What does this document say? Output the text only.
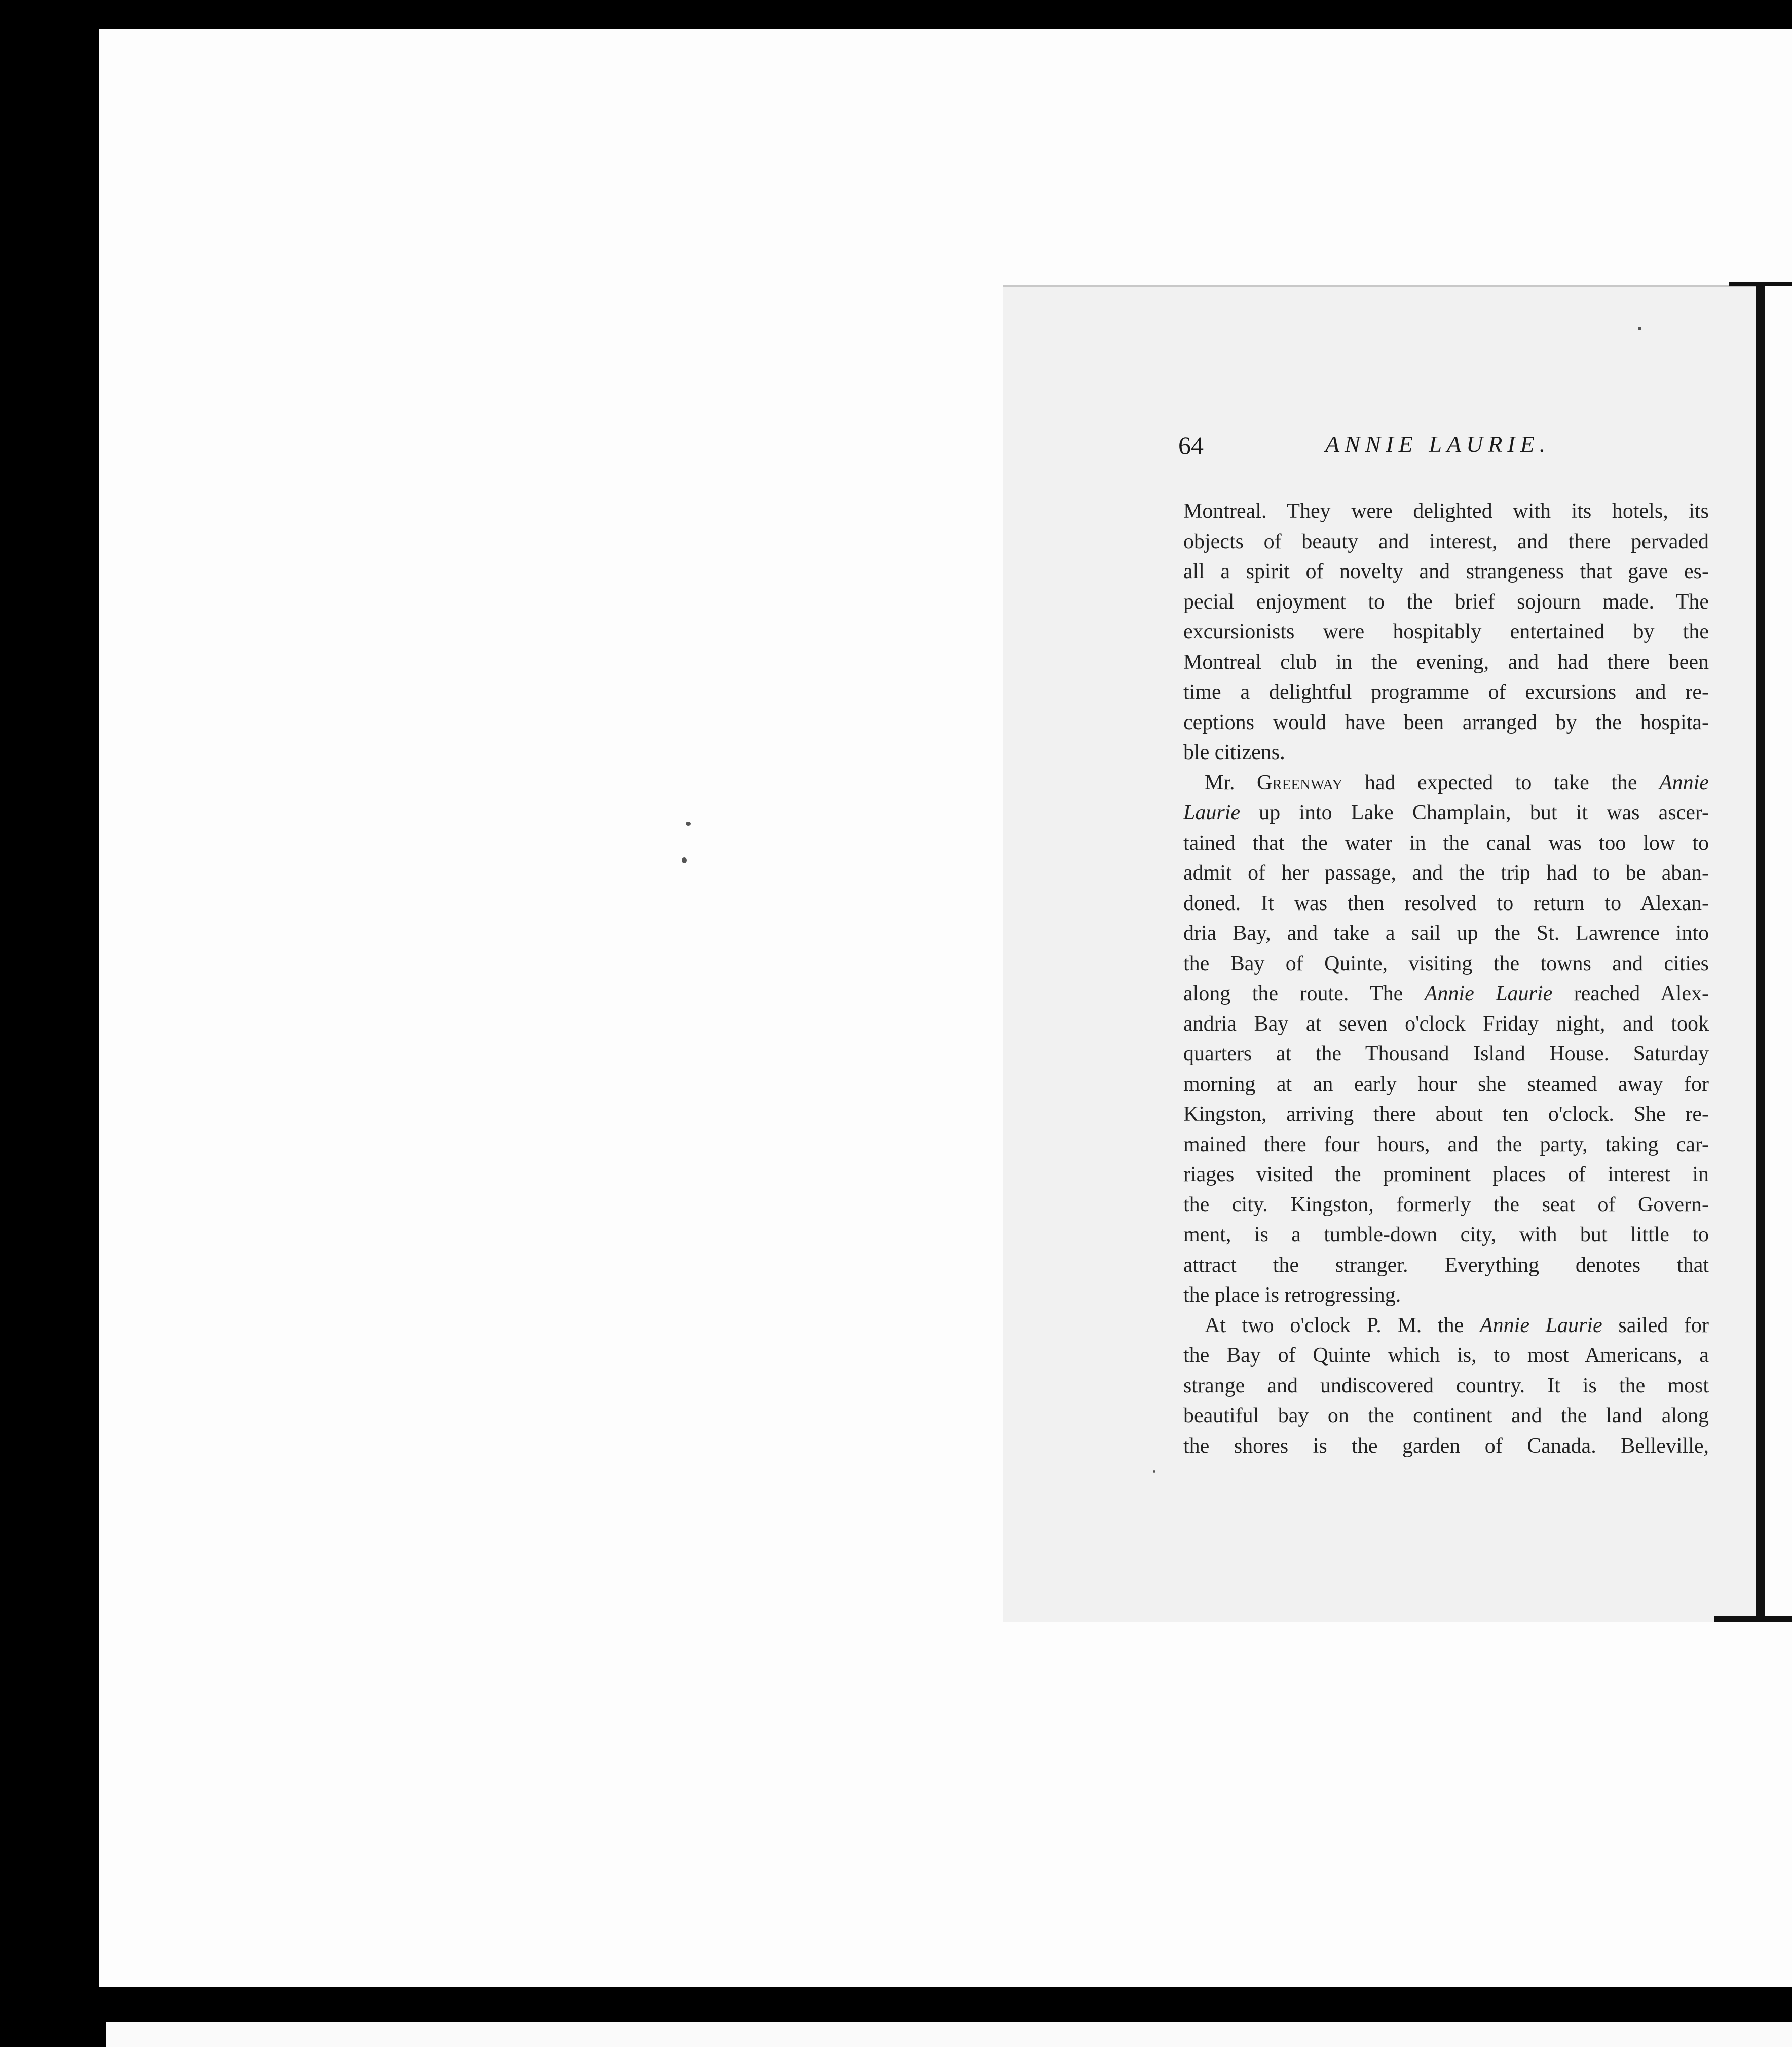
64	ANNIE LAURIE.
Montreal. They were delighted with its hotels, its
objects of beauty and interest, and there pervaded
all a spirit of novelty and strangeness that gave es-
pecial enjoyment to the brief sojourn made. The
excursionists were hospitably entertained by the
Montreal club in the evening, and had there been
time a delightful programme of excursions and re-
ceptions would have been arranged by the hospita-
ble citizens.
Mr. Greenway had expected to take the Annie
Laurie up into Lake Champlain, but it was ascer-
tained that the water in the canal was too low to
admit of her passage, and the trip had to be aban-
doned. It was then resolved to return to Alexan-
dria Bay, and take a sail up the St. Lawrence into
the Bay of Quinte, visiting the towns and cities
along the route. The Annie Laurie reached Alex-
andria Bay at seven o'clock Friday night, and took
quarters at the Thousand Island House. Saturday
morning at an early hour she steamed away for
Kingston, arriving there about ten o'clock. She re-
mained there four hours, and the party, taking car-
riages visited the prominent places of interest in
the city. Kingston, formerly the seat of Govern-
ment, is a tumble-down city, with but little to
attract the stranger. Everything denotes that
the place is retrogressing.
At two o'clock P. M. the Annie Laurie sailed for
the Bay of Quinte which is, to most Americans, a
strange and undiscovered country. It is the most
beautiful bay on the continent and the land along
the shores is the garden of Canada. Belleville,
